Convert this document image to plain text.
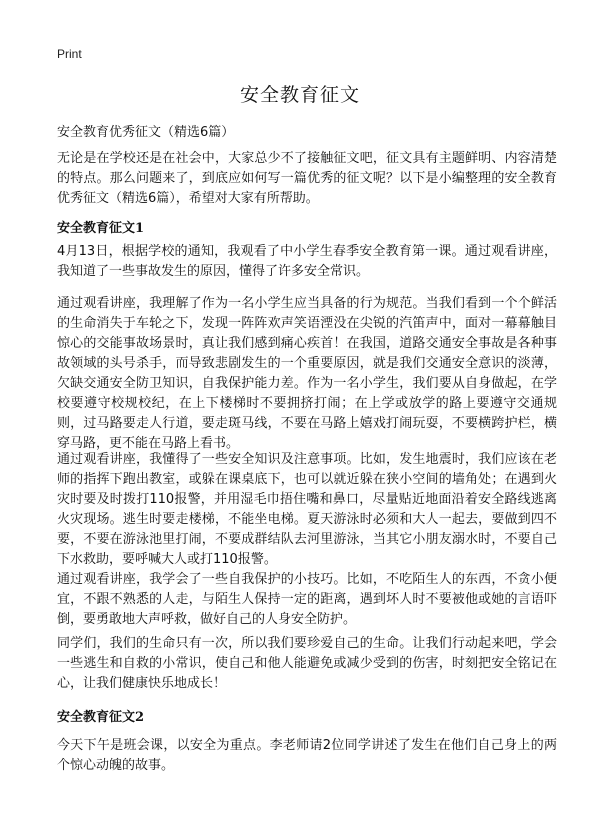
Print
安全教育征文

安全教育优秀征文（精选6篇）

无论是在学校还是在社会中，大家总少不了接触征文吧，征文具有主题鲜明、内容清楚的特点。那么问题来了，到底应如何写一篇优秀的征文呢？以下是小编整理的安全教育优秀征文（精选6篇），希望对大家有所帮助。

安全教育征文1

4月13日，根据学校的通知，我观看了中小学生春季安全教育第一课。通过观看讲座，我知道了一些事故发生的原因，懂得了许多安全常识。

通过观看讲座，我理解了作为一名小学生应当具备的行为规范。当我们看到一个个鲜活的生命消失于车轮之下，发现一阵阵欢声笑语湮没在尖锐的汽笛声中，面对一幕幕触目惊心的交能事故场景时，真让我们感到痛心疾首！在我国，道路交通安全事故是各种事故领域的头号杀手，而导致悲剧发生的一个重要原因，就是我们交通安全意识的淡薄，欠缺交通安全防卫知识，自我保护能力差。作为一名小学生，我们要从自身做起，在学校要遵守校规校纪，在上下楼梯时不要拥挤打闹；在上学或放学的路上要遵守交通规则，过马路要走人行道，要走斑马线，不要在马路上嬉戏打闹玩耍，不要横跨护栏，横穿马路，更不能在马路上看书。

通过观看讲座，我懂得了一些安全知识及注意事项。比如，发生地震时，我们应该在老师的指挥下跑出教室，或躲在课桌底下，也可以就近躲在狭小空间的墙角处；在遇到火灾时要及时拨打110报警，并用湿毛巾捂住嘴和鼻口，尽量贴近地面沿着安全路线逃离火灾现场。逃生时要走楼梯，不能坐电梯。夏天游泳时必须和大人一起去，要做到四不要，不要在游泳池里打闹，不要成群结队去河里游泳，当其它小朋友溺水时，不要自己下水救助，要呼喊大人或打110报警。

通过观看讲座，我学会了一些自我保护的小技巧。比如，不吃陌生人的东西，不贪小便宜，不跟不熟悉的人走，与陌生人保持一定的距离，遇到坏人时不要被他或她的言语吓倒，要勇敢地大声呼救，做好自己的人身安全防护。

同学们，我们的生命只有一次，所以我们要珍爱自己的生命。让我们行动起来吧，学会一些逃生和自救的小常识，使自己和他人能避免或减少受到的伤害，时刻把安全铭记在心，让我们健康快乐地成长！

安全教育征文2

今天下午是班会课，以安全为重点。李老师请2位同学讲述了发生在他们自己身上的两个惊心动魄的故事。
